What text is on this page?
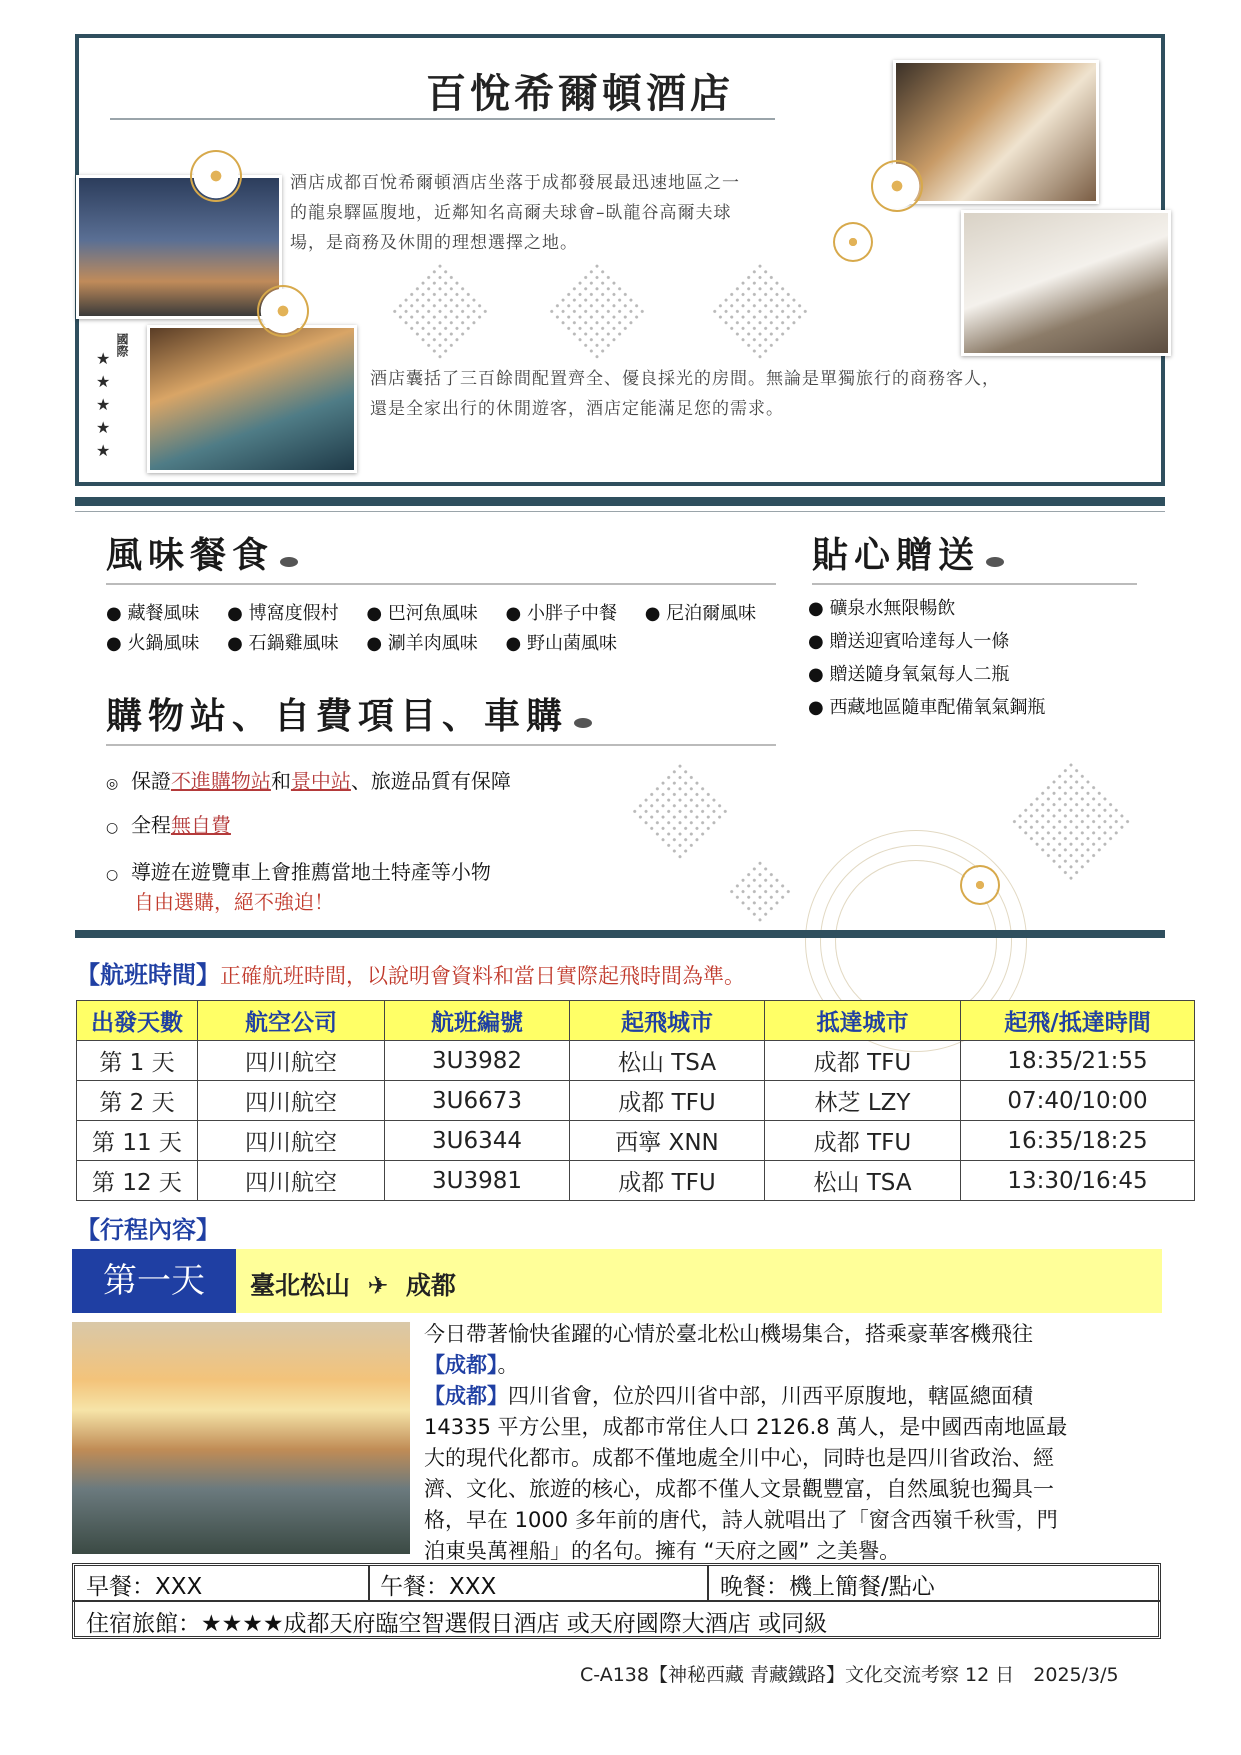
百悅希爾頓酒店
酒店成都百悅希爾頓酒店坐落于成都發展最迅速地區之一
的龍泉驛區腹地，近鄰知名高爾夫球會–臥龍谷高爾夫球
場，是商務及休閒的理想選擇之地。
國際
★★★★★
酒店囊括了三百餘間配置齊全、優良採光的房間。無論是單獨旅行的商務客人，
還是全家出行的休閒遊客，酒店定能滿足您的需求。
風味餐食
● 藏餐風味 ● 博窩度假村 ● 巴河魚風味 ● 小胖子中餐 ● 尼泊爾風味
● 火鍋風味 ● 石鍋雞風味 ● 涮羊肉風味 ● 野山菌風味
貼心贈送
● 礦泉水無限暢飲
● 贈送迎賓哈達每人一條
● 贈送隨身氧氣每人二瓶
● 西藏地區隨車配備氧氣鋼瓶
購物站、自費項目、車購
◎ 保證不進購物站和景中站、旅遊品質有保障
○ 全程無自費
○ 導遊在遊覽車上會推薦當地土特產等小物
自由選購，絕不強迫！
【航班時間】正確航班時間，以說明會資料和當日實際起飛時間為準。
出發天數	航空公司	航班編號	起飛城市	抵達城市	起飛/抵達時間
第 1 天	四川航空	3U3982	松山 TSA	成都 TFU	18:35/21:55
第 2 天	四川航空	3U6673	成都 TFU	林芝 LZY	07:40/10:00
第 11 天	四川航空	3U6344	西寧 XNN	成都 TFU	16:35/18:25
第 12 天	四川航空	3U3981	成都 TFU	松山 TSA	13:30/16:45
【行程內容】
第一天	臺北松山 ✈ 成都
今日帶著愉快雀躍的心情於臺北松山機場集合，搭乘豪華客機飛往
【成都】。
【成都】四川省會，位於四川省中部，川西平原腹地，轄區總面積
14335 平方公里，成都市常住人口 2126.8 萬人，是中國西南地區最
大的現代化都市。成都不僅地處全川中心，同時也是四川省政治、經
濟、文化、旅遊的核心，成都不僅人文景觀豐富，自然風貌也獨具一
格，早在 1000 多年前的唐代，詩人就唱出了「窗含西嶺千秋雪，門
泊東吳萬裡船」的名句。擁有 “天府之國” 之美譽。
早餐：XXX	午餐：XXX	晚餐：機上簡餐/點心
住宿旅館：★★★★成都天府臨空智選假日酒店 或天府國際大酒店 或同級
C-A138【神秘西藏 青藏鐵路】文化交流考察 12 日　2025/3/5
